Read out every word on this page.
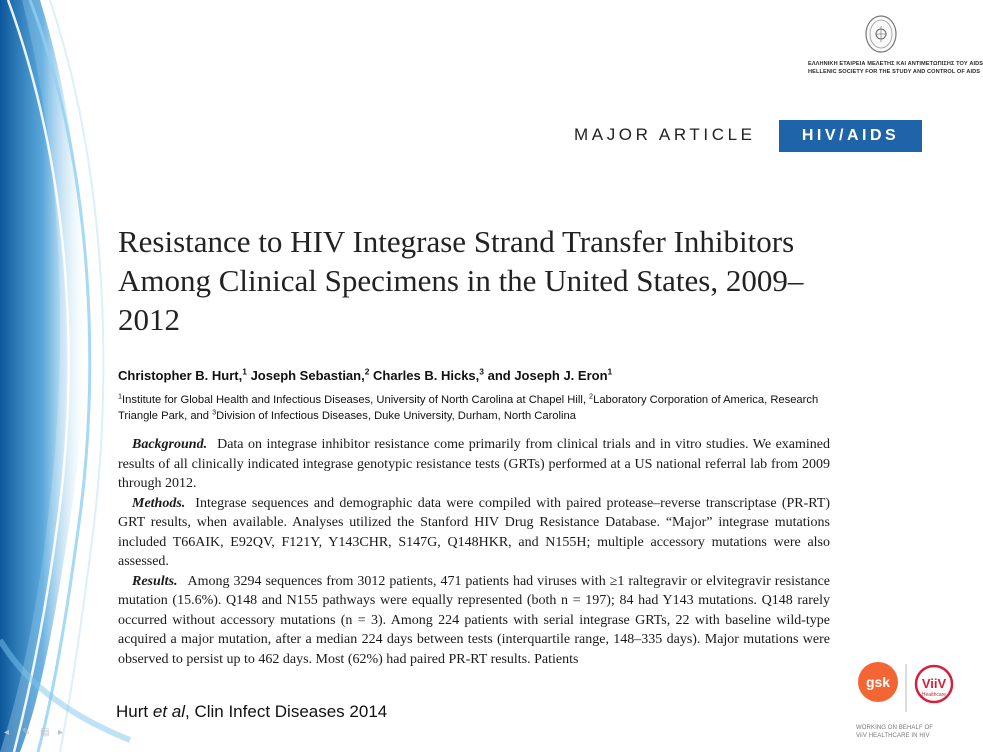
ΕΛΛΗΝΙΚΗ ΕΤΑΙΡΕΙΑ ΜΕΛΕΤΗΣ ΚΑΙ ΑΝΤΙΜΕΤΩΠΙΣΗΣ ΤΟΥ AIDS
HELLENIC SOCIETY FOR THE STUDY AND CONTROL OF AIDS
MAJOR ARTICLE	HIV/AIDS
Resistance to HIV Integrase Strand Transfer Inhibitors Among Clinical Specimens in the United States, 2009–2012
Christopher B. Hurt,$^1$ Joseph Sebastian,$^2$ Charles B. Hicks,$^3$ and Joseph J. Eron$^1$
$^1$Institute for Global Health and Infectious Diseases, University of North Carolina at Chapel Hill, $^2$Laboratory Corporation of America, Research Triangle Park, and $^3$Division of Infectious Diseases, Duke University, Durham, North Carolina

Background. Data on integrase inhibitor resistance come primarily from clinical trials and in vitro studies. We examined results of all clinically indicated integrase genotypic resistance tests (GRTs) performed at a US national referral lab from 2009 through 2012.

Methods. Integrase sequences and demographic data were compiled with paired protease–reverse transcriptase (PR-RT) GRT results, when available. Analyses utilized the Stanford HIV Drug Resistance Database. “Major” integrase mutations included T66AIK, E92QV, F121Y, Y143CHR, S147G, Q148HKR, and N155H; multiple accessory mutations were also assessed.

Results. Among 3294 sequences from 3012 patients, 471 patients had viruses with ≥1 raltegravir or elvitegravir resistance mutation (15.6%). Q148 and N155 pathways were equally represented (both n = 197); 84 had Y143 mutations. Q148 rarely occurred without accessory mutations (n = 3). Among 224 patients with serial integrase GRTs, 22 with baseline wild-type acquired a major mutation, after a median 224 days between tests (interquartile range, 148–335 days). Major mutations were observed to persist up to 462 days. Most (62%) had paired PR-RT results. Patients

Hurt et al, Clin Infect Diseases 2014
gsk ViiV
Healthcare
WORKING ON BEHALF OF
ViiV HEALTHCARE IN HIV
◂	✎ ▤ ▸
